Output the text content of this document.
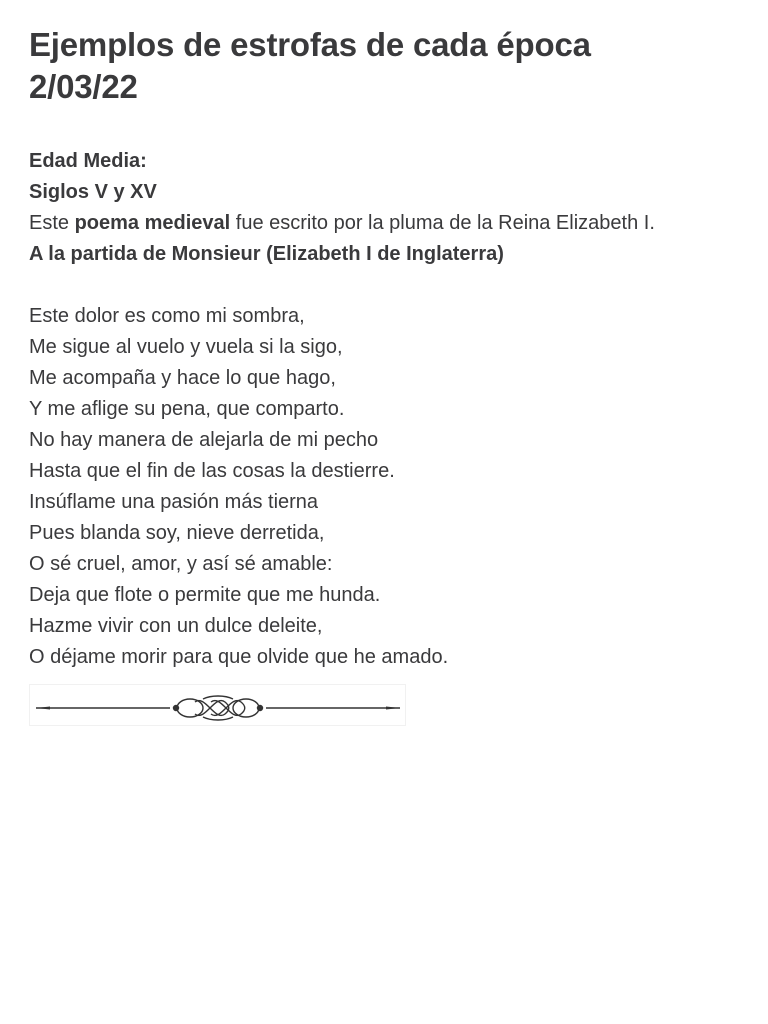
Ejemplos de estrofas de cada época
2/03/22
Edad Media:
Siglos V y XV
Este poema medieval fue escrito por la pluma de la Reina Elizabeth I.
A la partida de Monsieur (Elizabeth I de Inglaterra)
Este dolor es como mi sombra,
Me sigue al vuelo y vuela si la sigo,
Me acompaña y hace lo que hago,
Y me aflige su pena, que comparto.
No hay manera de alejarla de mi pecho
Hasta que el fin de las cosas la destierre.
Insúflame una pasión más tierna
Pues blanda soy, nieve derretida,
O sé cruel, amor, y así sé amable:
Deja que flote o permite que me hunda.
Hazme vivir con un dulce deleite,
O déjame morir para que olvide que he amado.
